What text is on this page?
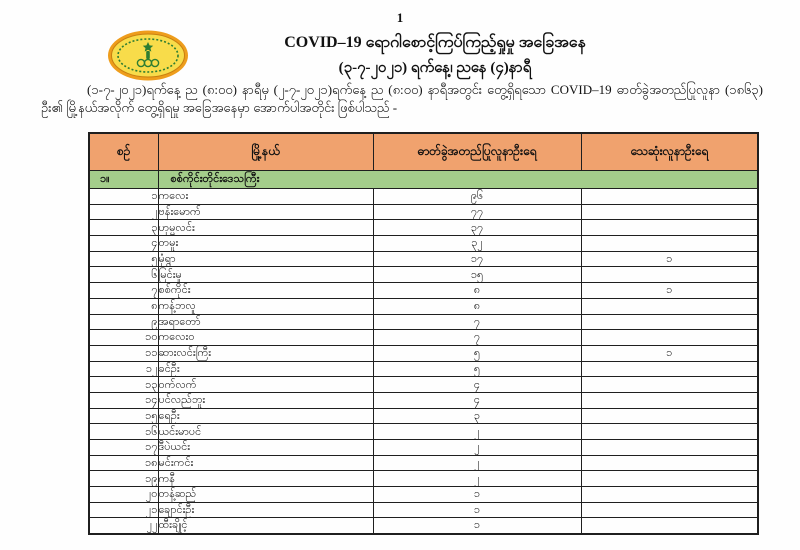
1
COVID–19 ရောဂါစောင့်ကြပ်ကြည့်ရှုမှု အခြေအနေ
(၃-၇-၂၀၂၁) ရက်နေ့၊ ညနေ (၄)နာရီ
(၁-၇-၂၀၂၁)ရက်နေ့ ည (၈:၀၀) နာရီမှ (၂-၇-၂၀၂၁)ရက်နေ့ ည (၈:၀၀) နာရီအတွင်း တွေ့ရှိရသော COVID–19 ဓာတ်ခွဲအတည်ပြုလူနာ (၁၈၆၃) ဦး၏ မြို့နယ်အလိုက် တွေ့ရှိရမှု အခြေအနေမှာ အောက်ပါအတိုင်း ဖြစ်ပါသည် -
စဉ်	မြို့နယ်	ဓာတ်ခွဲအတည်ပြုလူနာဦးရေ	သေဆုံးလူနာဦးရေ
၁။	စစ်ကိုင်းတိုင်းဒေသကြီး		
၁	ကလေး	၉၆	
၂	ဗန်းမောက်	၇၇	
၃	ဟုမ္မလင်း	၃၇	
၄	တမူး	၃၂	
၅	မုံရွာ	၁၇	၁
၆	မြင်းမူ	၁၅	
၇	စစ်ကိုင်း	၈	၁
၈	ကန့်ဘလူ	၈	
၉	အရာတော်	၇	
၁၀	ကလေးဝ	၇	
၁၁	ဆားလင်းကြီး	၅	၁
၁၂	ခင်ဦး	၅	
၁၃	ဝက်လက်	၄	
၁၄	ပင်လည်ဘူး	၄	
၁၅	ရေဦး	၃	
၁၆	ယင်းမာပင်	၂	
၁၇	ဒီပဲယင်း	၂	
၁၈	မင်းကင်း	၂	
၁၉	ကနီ	၂	
၂၀	တန့်ဆည်	၁	
၂၁	ချောင်းဦး	၁	
၂၂	ထီးချိုင့်	၁	
